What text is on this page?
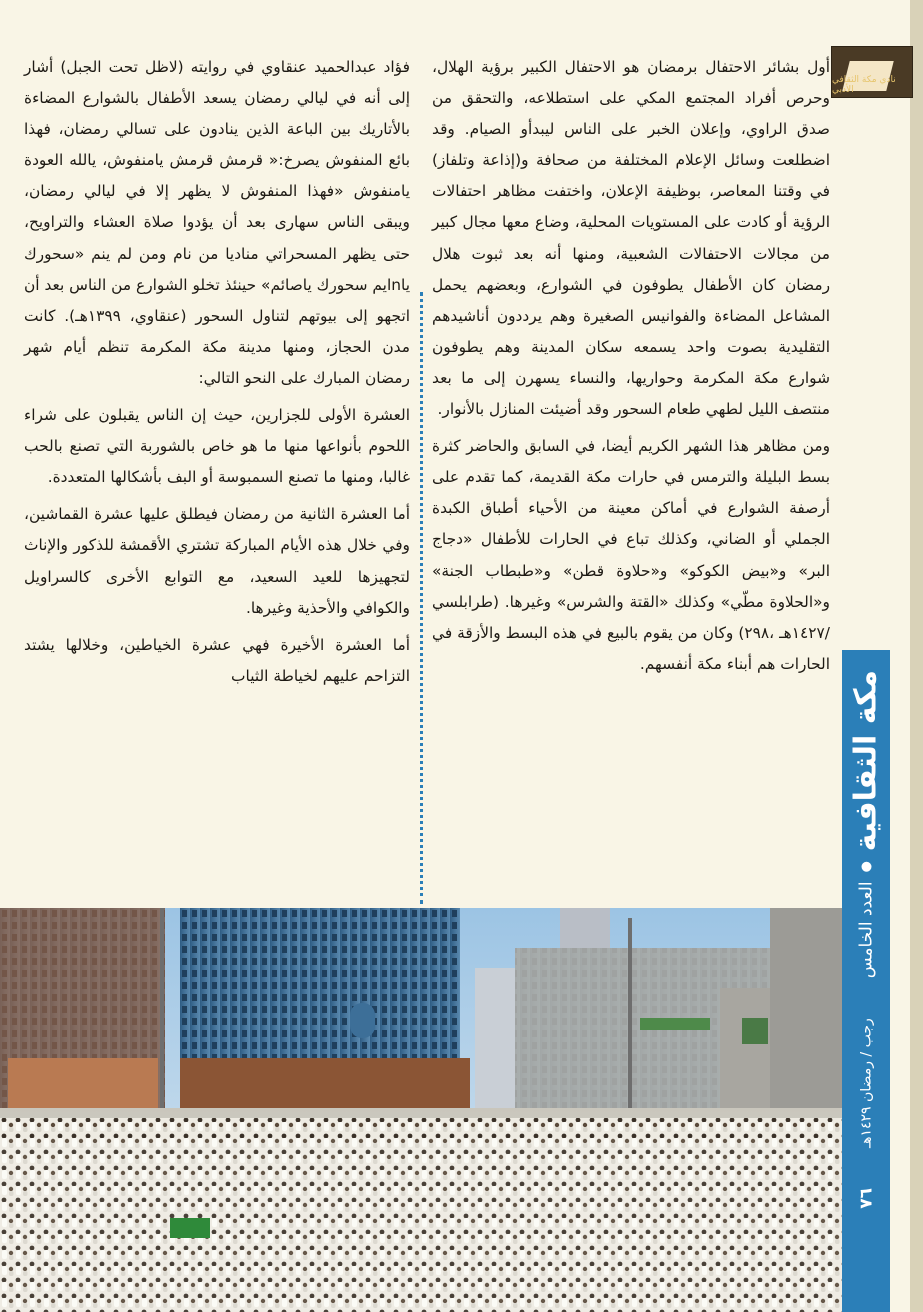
نادي مكة الثقافي الأدبي

أول بشائر الاحتفال برمضان هو الاحتفال الكبير برؤية الهلال، وحرص أفراد المجتمع المكي على استطلاعه، والتحقق من صدق الراوي، وإعلان الخبر على الناس ليبدأو الصيام. وقد اضطلعت وسائل الإعلام المختلفة من صحافة و(إذاعة وتلفاز) في وقتنا المعاصر، بوظيفة الإعلان، واختفت مظاهر احتفالات الرؤية أو كادت على المستويات المحلية، وضاع معها مجال كبير من مجالات الاحتفالات الشعبية، ومنها أنه بعد ثبوت هلال رمضان كان الأطفال يطوفون في الشوارع، وبعضهم يحمل المشاعل المضاءة والفوانيس الصغيرة وهم يرددون أناشيدهم التقليدية بصوت واحد يسمعه سكان المدينة وهم يطوفون شوارع مكة المكرمة وحواريها، والنساء يسهرن إلى ما بعد منتصف الليل لطهي طعام السحور وقد أضيئت المنازل بالأنوار.

ومن مظاهر هذا الشهر الكريم أيضا، في السابق والحاضر كثرة بسط البليلة والترمس في حارات مكة القديمة، كما تقدم على أرصفة الشوارع في أماكن معينة من الأحياء أطباق الكبدة الجملي أو الضاني، وكذلك تباع في الحارات للأطفال «دجاج البر» و«بيض الكوكو» و«حلاوة قطن» و«طبطاب الجنة» و«الحلاوة مطّي» وكذلك «القتة والشرس» وغيرها. (طرابلسي /١٤٢٧هـ ،٢٩٨) وكان من يقوم بالبيع في هذه البسط والأزقة في الحارات هم أبناء مكة أنفسهم.

فؤاد عبدالحميد عنقاوي في روايته (لاظل تحت الجبل) أشار إلى أنه في ليالي رمضان يسعد الأطفال بالشوارع المضاءة بالأتاريك بين الباعة الذين ينادون على تسالي رمضان، فهذا بائع المنفوش يصرخ:« قرمش قرمش يامنفوش، يالله العودة يامنفوش «فهذا المنفوش لا يظهر إلا في ليالي رمضان، ويبقى الناس سهارى بعد أن يؤدوا صلاة العشاء والتراويح، حتى يظهر المسحراتي مناديا من نام ومن لم ينم «سحورك ياnايم سحورك ياصائم» حينئذ تخلو الشوارع من الناس بعد أن اتجهو إلى بيوتهم لتناول السحور (عنقاوي، ١٣٩٩هـ). كانت مدن الحجاز، ومنها مدينة مكة المكرمة تنظم أيام شهر رمضان المبارك على النحو التالي:

العشرة الأولى للجزارين، حيث إن الناس يقبلون على شراء اللحوم بأنواعها منها ما هو خاص بالشوربة التي تصنع بالحب غالبا، ومنها ما تصنع السمبوسة أو البف بأشكالها المتعددة.

أما العشرة الثانية من رمضان فيطلق عليها عشرة القماشين، وفي خلال هذه الأيام المباركة تشتري الأقمشة للذكور والإناث لتجهيزها للعيد السعيد، مع التوابع الأخرى كالسراويل والكوافي والأحذية وغيرها.

أما العشرة الأخيرة فهي عشرة الخياطين، وخلالها يشتد التزاحم عليهم لخياطة الثياب	مكة الثقافية
العدد الخامس
رجب / رمضان ١٤٢٩هـ
٧٦
